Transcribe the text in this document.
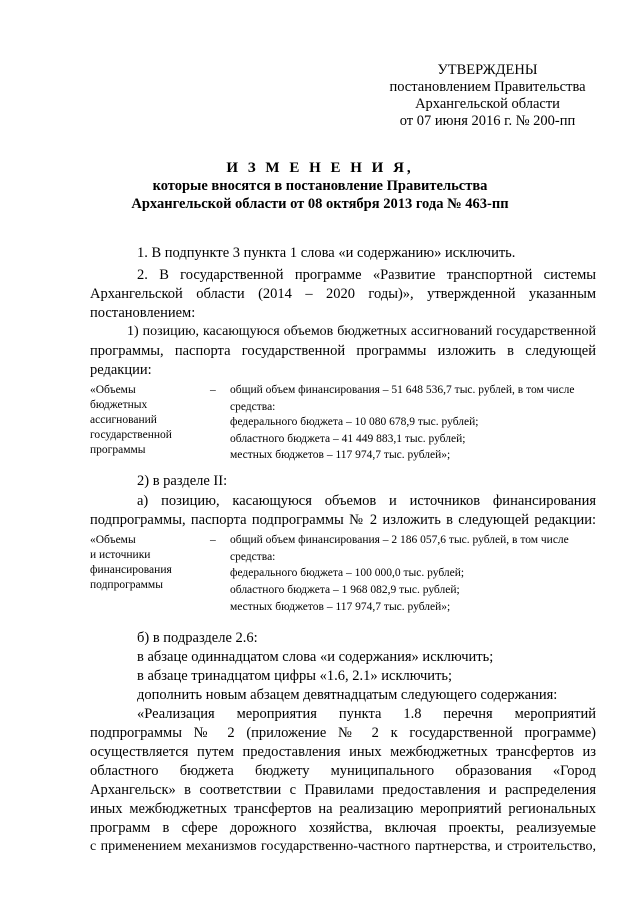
УТВЕРЖДЕНЫ
постановлением Правительства
Архангельской области
от 07 июня 2016 г. № 200-пп
И З М Е Н Е Н И Я,
которые вносятся в постановление Правительства
Архангельской области от 08 октября 2013 года № 463-пп
1. В подпункте 3 пункта 1 слова «и содержанию» исключить.
2. В государственной программе «Развитие транспортной системы
Архангельской области (2014 – 2020 годы)», утвержденной указанным
постановлением:
1) позицию, касающуюся объемов бюджетных ассигнований государственной
программы, паспорта государственной программы изложить в следующей
редакции:
«Объемы
бюджетных
ассигнований
государственной
программы
– общий объем финансирования – 51 648 536,7 тыс. рублей, в том числе
средства:
федерального бюджета – 10 080 678,9 тыс. рублей;
областного бюджета – 41 449 883,1 тыс. рублей;
местных бюджетов – 117 974,7 тыс. рублей»;
2) в разделе II:
а) позицию, касающуюся объемов и источников финансирования
подпрограммы, паспорта подпрограммы № 2 изложить в следующей редакции:
«Объемы
и источники
финансирования
подпрограммы
– общий объем финансирования – 2 186 057,6 тыс. рублей, в том числе
средства:
федерального бюджета – 100 000,0 тыс. рублей;
областного бюджета – 1 968 082,9 тыс. рублей;
местных бюджетов – 117 974,7 тыс. рублей»;
б) в подразделе 2.6:
в абзаце одиннадцатом слова «и содержания» исключить;
в абзаце тринадцатом цифры «1.6, 2.1» исключить;
дополнить новым абзацем девятнадцатым следующего содержания:
«Реализация мероприятия пункта 1.8 перечня мероприятий
подпрограммы № 2 (приложение № 2 к государственной программе)
осуществляется путем предоставления иных межбюджетных трансфертов из
областного бюджета бюджету муниципального образования «Город
Архангельск» в соответствии с Правилами предоставления и распределения
иных межбюджетных трансфертов на реализацию мероприятий региональных
программ в сфере дорожного хозяйства, включая проекты, реализуемые
с применением механизмов государственно-частного партнерства, и строительство,
